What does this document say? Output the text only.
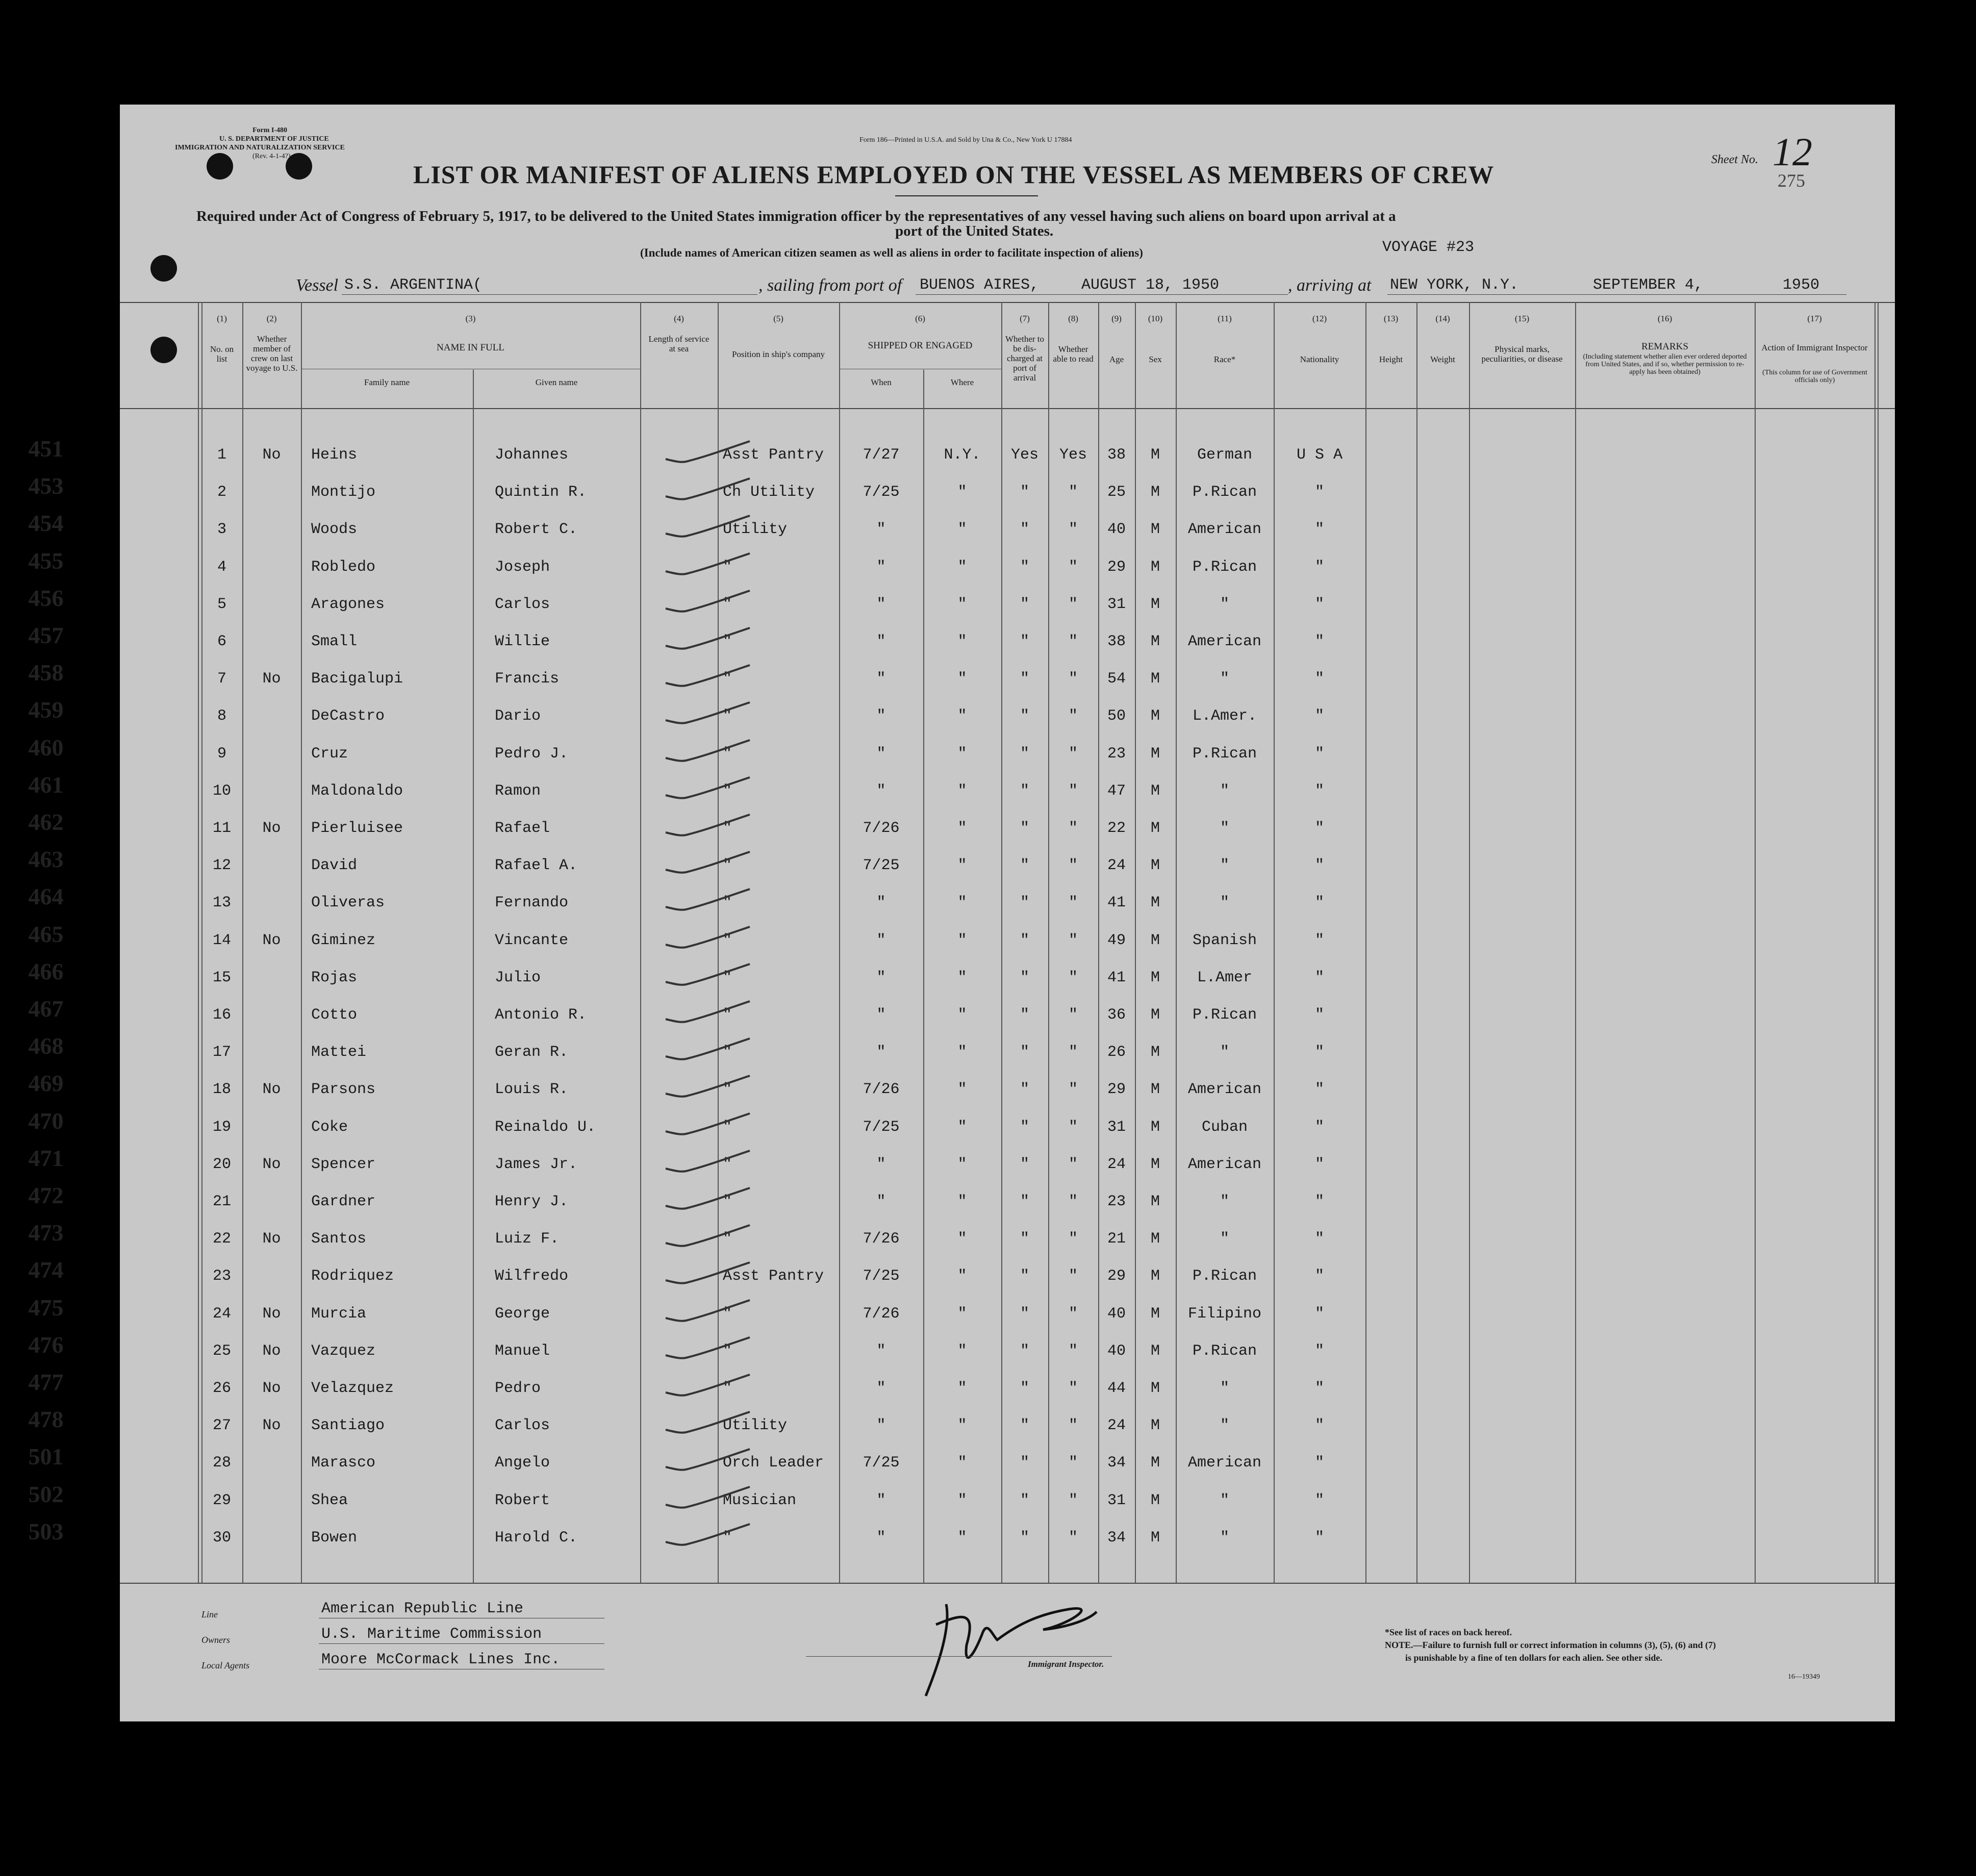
Form I-480
U. S. DEPARTMENT OF JUSTICE
IMMIGRATION AND NATURALIZATION SERVICE
(Rev. 4-1-4?)
Form 186—Printed in U.S.A. and Sold by Una & Co., New York U 17884
LIST OR MANIFEST OF ALIENS EMPLOYED ON THE VESSEL AS MEMBERS OF CREW
Sheet No. 12
275
Required under Act of Congress of February 5, 1917, to be delivered to the United States immigration officer by the representatives of any vessel having such aliens on board upon arrival at a
port of the United States.
(Include names of American citizen seamen as well as aliens in order to facilitate inspection of aliens)	VOYAGE #23
Vessel S.S. ARGENTINA(	, sailing from port of BUENOS AIRES,	AUGUST 18, 1950	, arriving at NEW YORK, N.Y.	SEPTEMBER 4,	1950
(1)
No. on list
(2)
Whether member of crew on last voyage to U.S.
(3)
NAME IN FULL
Family name	Given name
(4)
Length of service at sea
(5)
Position in ship's company
(6)
SHIPPED OR ENGAGED
When	Where
(7)
Whether to be dis-charged at port of arrival
(8)
Whether able to read
(9)
Age
(10)
Sex
(11)
Race*
(12)
Nationality
(13)
Height
(14)
Weight
(15)
Physical marks, peculiarities, or disease
(16)
REMARKS
(Including statement whether alien ever ordered deported from United States, and if so, whether permission to re-apply has been obtained)
(17)
Action of Immigrant Inspector
(This column for use of Government officials only)
451	1	No	Heins	Johannes	Asst Pantry	7/27	N.Y.	Yes	Yes	38	M	German	U S A
453	2	Montijo	Quintin R.	Ch Utility	7/25	"	"	"	25	M	P.Rican	"
454	3	Woods	Robert C.	Utility	"	"	"	"	40	M	American	"
455	4	Robledo	Joseph	"	"	"	"	"	29	M	P.Rican	"
456	5	Aragones	Carlos	"	"	"	"	"	31	M	"	"
457	6	Small	Willie	"	"	"	"	"	38	M	American	"
458	7	No	Bacigalupi	Francis	"	"	"	"	"	54	M	"	"
459	8	DeCastro	Dario	"	"	"	"	"	50	M	L.Amer.	"
460	9	Cruz	Pedro J.	"	"	"	"	"	23	M	P.Rican	"
461	10	Maldonaldo	Ramon	"	"	"	"	"	47	M	"	"
462	11	No	Pierluisee	Rafael	"	7/26	"	"	"	22	M	"	"
463	12	David	Rafael A.	"	7/25	"	"	"	24	M	"	"
464	13	Oliveras	Fernando	"	"	"	"	"	41	M	"	"
465	14	No	Giminez	Vincante	"	"	"	"	"	49	M	Spanish	"
466	15	Rojas	Julio	"	"	"	"	"	41	M	L.Amer	"
467	16	Cotto	Antonio R.	"	"	"	"	"	36	M	P.Rican	"
468	17	Mattei	Geran R.	"	"	"	"	"	26	M	"	"
469	18	No	Parsons	Louis R.	"	7/26	"	"	"	29	M	American	"
470	19	Coke	Reinaldo U.	"	7/25	"	"	"	31	M	Cuban	"
471	20	No	Spencer	James Jr.	"	"	"	"	"	24	M	American	"
472	21	Gardner	Henry J.	"	"	"	"	"	23	M	"	"
473	22	No	Santos	Luiz F.	"	7/26	"	"	"	21	M	"	"
474	23	Rodriquez	Wilfredo	Asst Pantry	7/25	"	"	"	29	M	P.Rican	"
475	24	No	Murcia	George	"	7/26	"	"	"	40	M	Filipino	"
476	25	No	Vazquez	Manuel	"	"	"	"	"	40	M	P.Rican	"
477	26	No	Velazquez	Pedro	"	"	"	"	"	44	M	"	"
478	27	No	Santiago	Carlos	Utility	"	"	"	"	24	M	"	"
501	28	Marasco	Angelo	Orch Leader	7/25	"	"	"	34	M	American	"
502	29	Shea	Robert	Musician	"	"	"	"	31	M	"	"
503	30	Bowen	Harold C.	"	"	"	"	"	34	M	"	"
Line	American Republic Line
Owners	U.S. Maritime Commission
Local Agents	Moore McCormack Lines Inc.	Immigrant Inspector.
*See list of races on back hereof.
NOTE.—Failure to furnish full or correct information in columns (3), (5), (6) and (7)
is punishable by a fine of ten dollars for each alien. See other side.
16—19349
